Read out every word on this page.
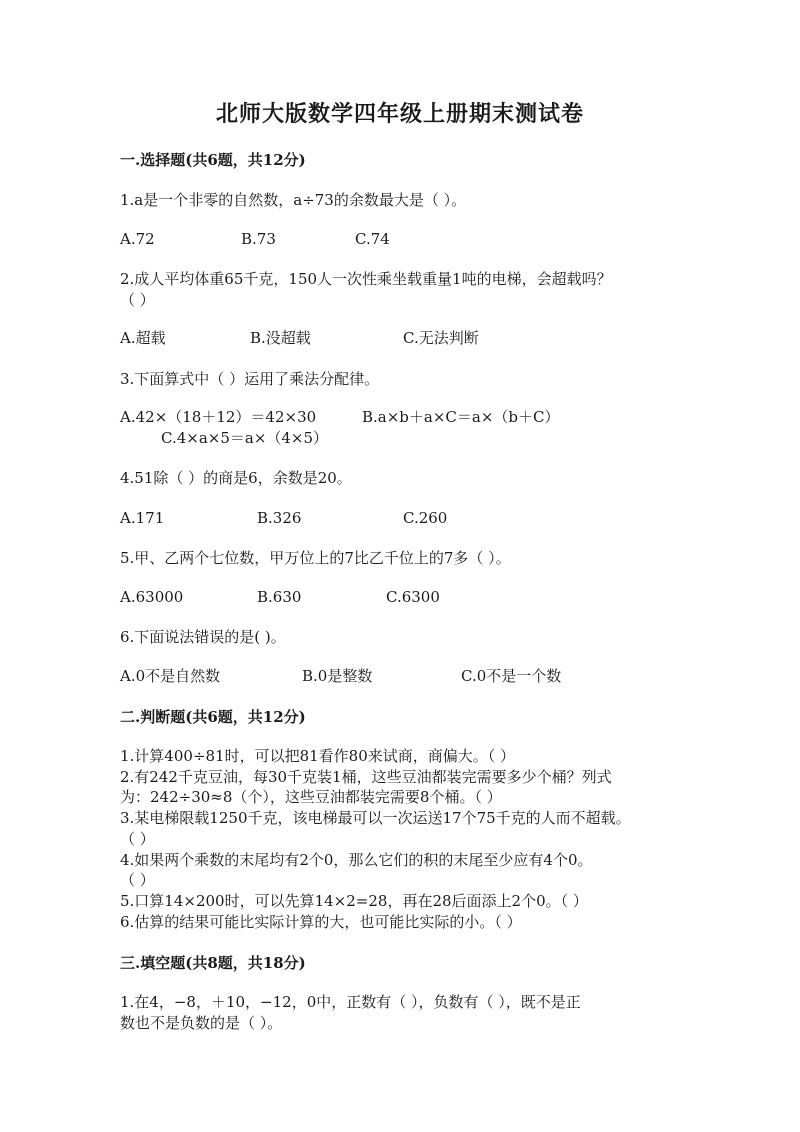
北师大版数学四年级上册期末测试卷
一.选择题(共6题，共12分)
1.a是一个非零的自然数，a÷73的余数最大是（ ）。
A.72	B.73	C.74
2.成人平均体重65千克，150人一次性乘坐载重量1吨的电梯，会超载吗？
（ ）
A.超载	B.没超载	C.无法判断
3.下面算式中（ ）运用了乘法分配律。
A.42×（18＋12）＝42×30	B.a×b＋a×C＝a×（b＋C）
C.4×a×5＝a×（4×5）
4.51除（ ）的商是6，余数是20。
A.171	B.326	C.260
5.甲、乙两个七位数，甲万位上的7比乙千位上的7多（ ）。
A.63000	B.630	C.6300
6.下面说法错误的是( )。
A.0不是自然数	B.0是整数	C.0不是一个数
二.判断题(共6题，共12分)
1.计算400÷81时，可以把81看作80来试商，商偏大。（ ）
2.有242千克豆油，每30千克装1桶，这些豆油都装完需要多少个桶？列式
为：242÷30≈8（个），这些豆油都装完需要8个桶。（ ）
3.某电梯限载1250千克，该电梯最可以一次运送17个75千克的人而不超载。
（ ）
4.如果两个乘数的末尾均有2个0，那么它们的积的末尾至少应有4个0。
（ ）
5.口算14×200时，可以先算14×2=28，再在28后面添上2个0。（ ）
6.估算的结果可能比实际计算的大，也可能比实际的小。（ ）
三.填空题(共8题，共18分)
1.在4，−8，＋10，−12，0中，正数有（ ），负数有（ ），既不是正
数也不是负数的是（ ）。
